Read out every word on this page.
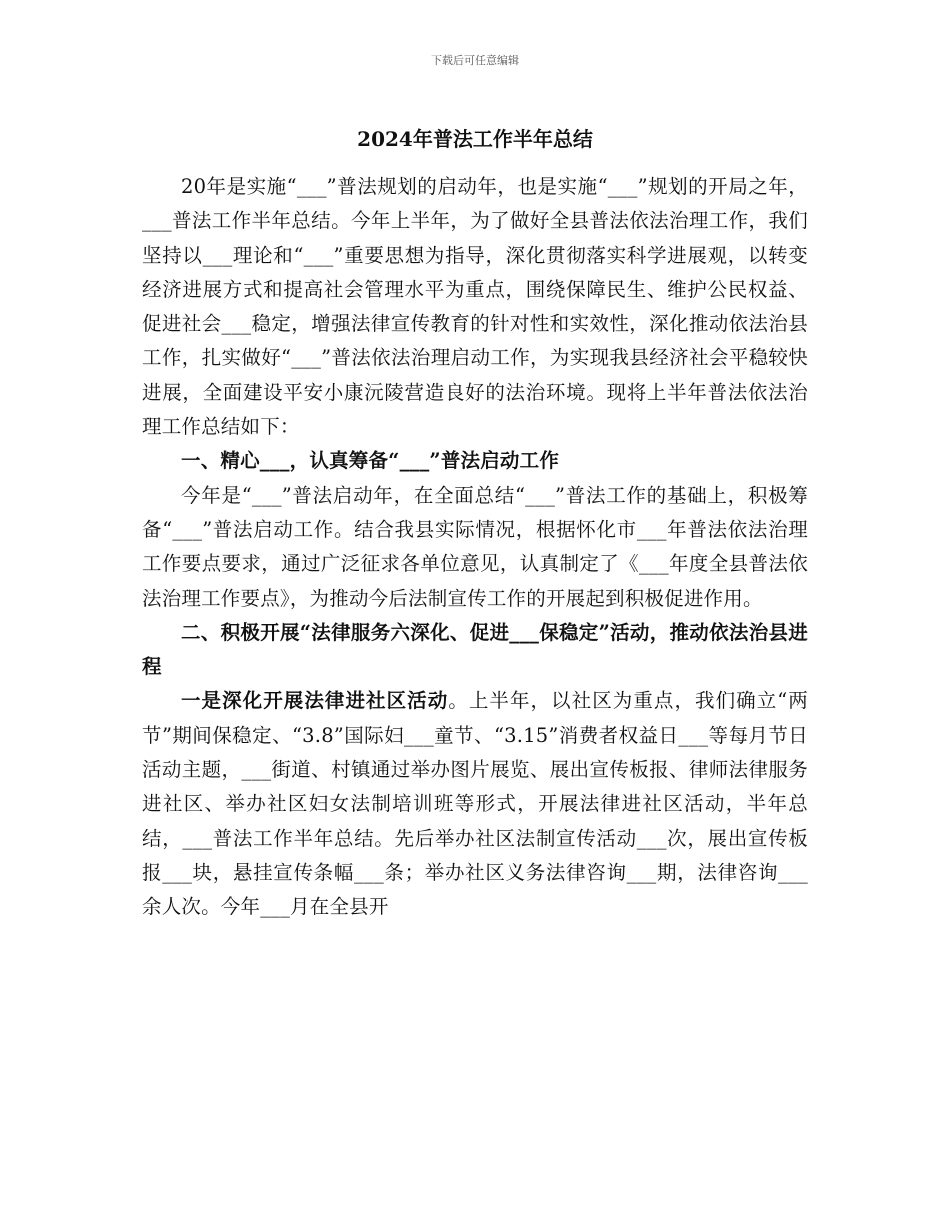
下载后可任意编辑
2024年普法工作半年总结

20年是实施“___”普法规划的启动年，也是实施“___”规划的开局之年，___普法工作半年总结。今年上半年，为了做好全县普法依法治理工作，我们坚持以___理论和“___”重要思想为指导，深化贯彻落实科学进展观，以转变经济进展方式和提高社会管理水平为重点，围绕保障民生、维护公民权益、促进社会___稳定，增强法律宣传教育的针对性和实效性，深化推动依法治县工作，扎实做好“___”普法依法治理启动工作，为实现我县经济社会平稳较快进展，全面建设平安小康沅陵营造良好的法治环境。现将上半年普法依法治理工作总结如下：

一、精心___，认真筹备“___”普法启动工作

今年是“___”普法启动年，在全面总结“___”普法工作的基础上，积极筹备“___”普法启动工作。结合我县实际情况，根据怀化市___年普法依法治理工作要点要求，通过广泛征求各单位意见，认真制定了《___年度全县普法依法治理工作要点》，为推动今后法制宣传工作的开展起到积极促进作用。

二、积极开展“法律服务六深化、促进___保稳定”活动，推动依法治县进程

一是深化开展法律进社区活动。上半年，以社区为重点，我们确立“两节”期间保稳定、“3.8”国际妇___童节、“3.15”消费者权益日___等每月节日活动主题，___街道、村镇通过举办图片展览、展出宣传板报、律师法律服务进社区、举办社区妇女法制培训班等形式，开展法律进社区活动，半年总结，___普法工作半年总结。先后举办社区法制宣传活动___次，展出宣传板报___块，悬挂宣传条幅___条；举办社区义务法律咨询___期，法律咨询___余人次。今年___月在全县开
